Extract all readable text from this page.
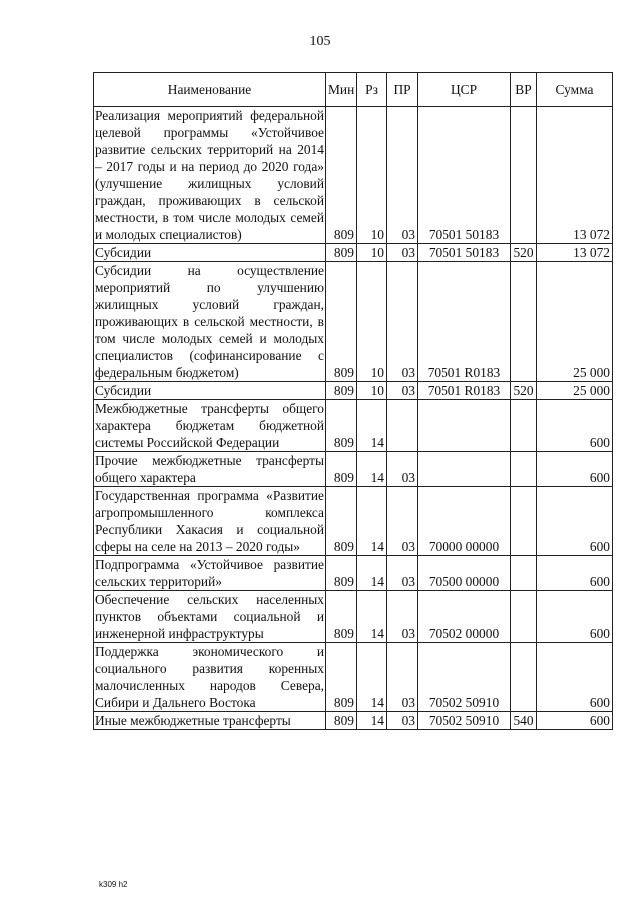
105
Наименование	Мин	Рз	ПР	ЦСР	ВР	Сумма
Реализация мероприятий федеральной целевой программы «Устойчивое развитие сельских территорий на 2014 – 2017 годы и на период до 2020 года» (улучшение жилищных условий граждан, проживающих в сельской местности, в том числе молодых семей и молодых специалистов)	809	10	03	70501 50183		13 072
Субсидии	809	10	03	70501 50183	520	13 072
Субсидии на осуществление мероприятий по улучшению жилищных условий граждан, проживающих в сельской местности, в том числе молодых семей и молодых специалистов (софинансирование с федеральным бюджетом)	809	10	03	70501 R0183		25 000
Субсидии	809	10	03	70501 R0183	520	25 000
Межбюджетные трансферты общего характера бюджетам бюджетной системы Российской Федерации	809	14				600
Прочие межбюджетные трансферты общего характера	809	14	03			600
Государственная программа «Развитие агропромышленного комплекса Республики Хакасия и социальной сферы на селе на 2013 – 2020 годы»	809	14	03	70000 00000		600
Подпрограмма «Устойчивое развитие сельских территорий»	809	14	03	70500 00000		600
Обеспечение сельских населенных пунктов объектами социальной и инженерной инфраструктуры	809	14	03	70502 00000		600
Поддержка экономического и социального развития коренных малочисленных народов Севера, Сибири и Дальнего Востока	809	14	03	70502 50910		600
Иные межбюджетные трансферты	809	14	03	70502 50910	540	600
k309 h2
